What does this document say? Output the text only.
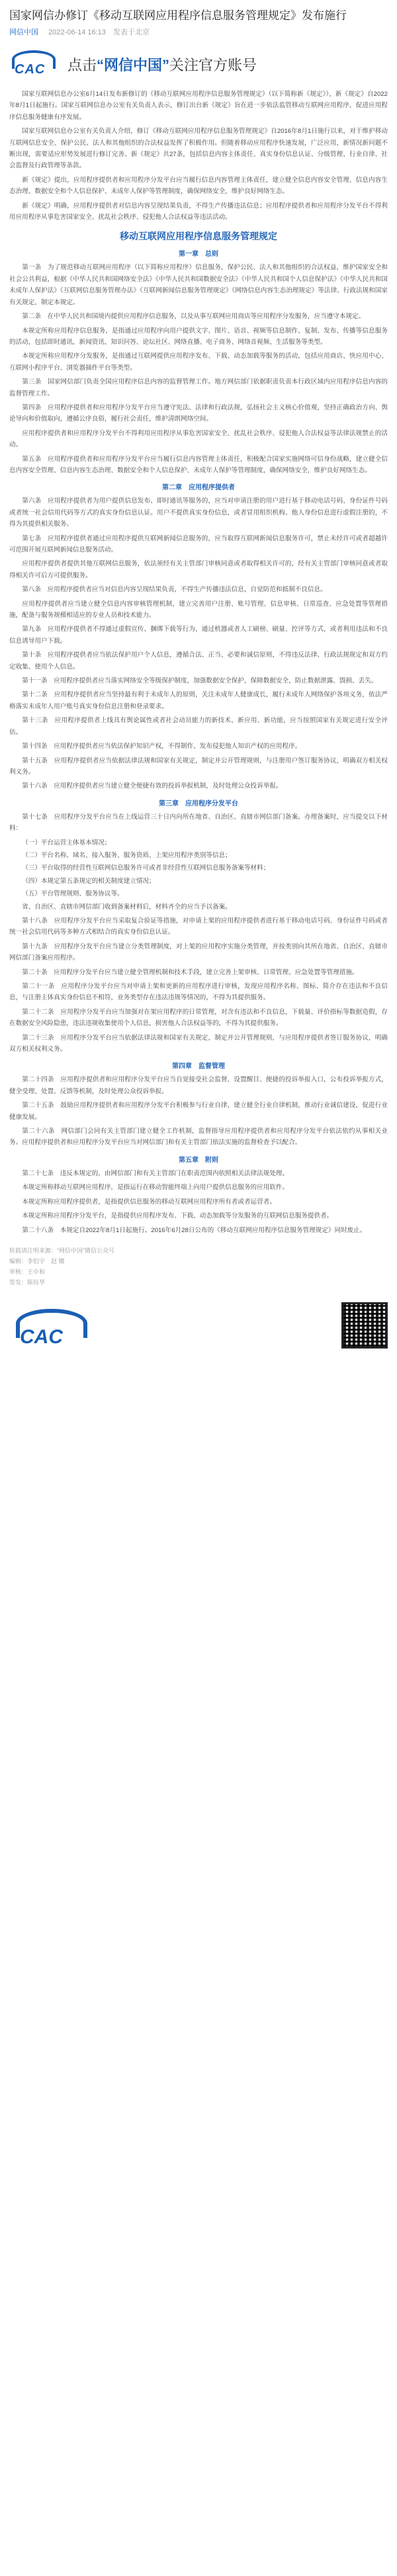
国家网信办修订《移动互联网应用程序信息服务管理规定》发布施行
网信中国 2022-06-14 16:13 发表于北京
CAC 点击“网信中国”关注官方账号

国家互联网信息办公室6月14日发布新修订的《移动互联网应用程序信息服务管理规定》（以下简称新《规定》），新《规定》自2022年8月1日起施行。国家互联网信息办公室有关负责人表示，修订出台新《规定》旨在进一步依法监管移动互联网应用程序，促进应用程序信息服务健康有序发展。

国家互联网信息办公室有关负责人介绍，修订《移动互联网应用程序信息服务管理规定》自2016年8月1日施行以来，对于维护移动互联网信息安全、保护公民、法人和其他组织的合法权益发挥了积极作用。但随着移动应用程序快速发展，广泛应用，新情况新问题不断出现，需要适应形势发展进行修订完善。新《规定》共27条，包括信息内容主体责任、真实身份信息认证、分级管理、行业自律、社会监督及行政管理等条款。

新《规定》提出，应用程序提供者和应用程序分发平台应当履行信息内容管理主体责任，建立健全信息内容安全管理、信息内容生态治理、数据安全和个人信息保护、未成年人保护等管理制度，确保网络安全，维护良好网络生态。

新《规定》明确，应用程序提供者对信息内容呈现结果负责，不得生产传播违法信息；应用程序提供者和应用程序分发平台不得利用应用程序从事危害国家安全、扰乱社会秩序、侵犯他人合法权益等违法活动。

移动互联网应用程序信息服务管理规定
第一章　总则

第一条　为了规范移动互联网应用程序（以下简称应用程序）信息服务，保护公民、法人和其他组织的合法权益，维护国家安全和社会公共利益，根据《中华人民共和国网络安全法》《中华人民共和国数据安全法》《中华人民共和国个人信息保护法》《中华人民共和国未成年人保护法》《互联网信息服务管理办法》《互联网新闻信息服务管理规定》《网络信息内容生态治理规定》等法律、行政法规和国家有关规定，制定本规定。

第二条　在中华人民共和国境内提供应用程序信息服务，以及从事互联网应用商店等应用程序分发服务，应当遵守本规定。

本规定所称应用程序信息服务，是指通过应用程序向用户提供文字、图片、语音、视频等信息制作、复制、发布、传播等信息服务的活动，包括即时通讯、新闻资讯、知识问答、论坛社区、网络直播、电子商务、网络音视频、生活服务等类型。

本规定所称应用程序分发服务，是指通过互联网提供应用程序发布、下载、动态加载等服务的活动，包括应用商店、快应用中心、互联网小程序平台、浏览器插件平台等类型。

第三条　国家网信部门负责全国应用程序信息内容的监督管理工作。地方网信部门依据职责负责本行政区域内应用程序信息内容的监督管理工作。

第四条　应用程序提供者和应用程序分发平台应当遵守宪法、法律和行政法规，弘扬社会主义核心价值观，坚持正确政治方向、舆论导向和价值取向，遵循公序良俗，履行社会责任，维护清朗网络空间。

应用程序提供者和应用程序分发平台不得利用应用程序从事危害国家安全、扰乱社会秩序、侵犯他人合法权益等法律法规禁止的活动。

第五条　应用程序提供者和应用程序分发平台应当履行信息内容管理主体责任，积极配合国家实施网络可信身份战略，建立健全信息内容安全管理、信息内容生态治理、数据安全和个人信息保护、未成年人保护等管理制度，确保网络安全，维护良好网络生态。

第二章　应用程序提供者

第六条　应用程序提供者为用户提供信息发布、即时通讯等服务的，应当对申请注册的用户进行基于移动电话号码、身份证件号码或者统一社会信用代码等方式的真实身份信息认证。用户不提供真实身份信息，或者冒用组织机构、他人身份信息进行虚假注册的，不得为其提供相关服务。

第七条　应用程序提供者通过应用程序提供互联网新闻信息服务的，应当取得互联网新闻信息服务许可，禁止未经许可或者超越许可范围开展互联网新闻信息服务活动。

应用程序提供者提供其他互联网信息服务，依法须经有关主管部门审核同意或者取得相关许可的，经有关主管部门审核同意或者取得相关许可后方可提供服务。

第八条　应用程序提供者应当对信息内容呈现结果负责，不得生产传播违法信息，自觉防范和抵制不良信息。

应用程序提供者应当建立健全信息内容审核管理机制，建立完善用户注册、账号管理、信息审核、日常巡查、应急处置等管理措施，配备与服务规模相适应的专业人员和技术能力。

第九条　应用程序提供者不得通过虚假宣传、捆绑下载等行为，通过机器或者人工刷榜、刷量、控评等方式，或者利用违法和不良信息诱导用户下载。

第十条　应用程序提供者应当依法保护用户个人信息，遵循合法、正当、必要和诚信原则，不得违反法律、行政法规规定和双方约定收集、使用个人信息。

第十一条　应用程序提供者应当落实网络安全等级保护制度，加强数据安全保护，保障数据安全，防止数据泄露、毁损、丢失。

第十二条　应用程序提供者应当坚持最有利于未成年人的原则，关注未成年人健康成长，履行未成年人网络保护各项义务，依法严格落实未成年人用户账号真实身份信息注册和登录要求。

第十三条　应用程序提供者上线具有舆论属性或者社会动员能力的新技术、新应用、新功能，应当按照国家有关规定进行安全评估。

第十四条　应用程序提供者应当依法保护知识产权，不得制作、发布侵犯他人知识产权的应用程序。

第十五条　应用程序提供者应当依据法律法规和国家有关规定，制定并公开管理规则，与注册用户签订服务协议，明确双方相关权利义务。

第十六条　应用程序提供者应当建立健全便捷有效的投诉举报机制，及时处理公众投诉举报。

第三章　应用程序分发平台

第十七条　应用程序分发平台应当在上线运营三十日内向所在地省、自治区、直辖市网信部门备案。办理备案时，应当提交以下材料：

（一）平台运营主体基本情况；
（二）平台名称、域名、接入服务、服务资质、上架应用程序类别等信息；
（三）平台取得的经营性互联网信息服务许可或者非经营性互联网信息服务备案等材料；
（四）本规定第五条规定的相关制度建立情况；
（五）平台管理规则、服务协议等。

省、自治区、直辖市网信部门收到备案材料后，材料齐全的应当予以备案。

第十八条　应用程序分发平台应当采取复合验证等措施，对申请上架的应用程序提供者进行基于移动电话号码、身份证件号码或者统一社会信用代码等多种方式相结合的真实身份信息认证。

第十九条　应用程序分发平台应当建立分类管理制度，对上架的应用程序实施分类管理，并按类别向其所在地省、自治区、直辖市网信部门备案应用程序。

第二十条　应用程序分发平台应当建立健全管理机制和技术手段，建立完善上架审核、日常管理、应急处置等管理措施。

第二十一条　应用程序分发平台应当对申请上架和更新的应用程序进行审核，发现应用程序名称、图标、简介存在违法和不良信息，与注册主体真实身份信息不相符，业务类型存在违法违规等情况的，不得为其提供服务。

第二十二条　应用程序分发平台应当加强对在架应用程序的日常管理，对含有违法和不良信息，下载量、评价指标等数据造假，存在数据安全风险隐患，违法违规收集使用个人信息，损害他人合法权益等的，不得为其提供服务。

第二十三条　应用程序分发平台应当依据法律法规和国家有关规定，制定并公开管理规则，与应用程序提供者签订服务协议，明确双方相关权利义务。

第四章　监督管理

第二十四条　应用程序提供者和应用程序分发平台应当自觉接受社会监督，设置醒目、便捷的投诉举报入口，公布投诉举报方式，健全受理、处置、反馈等机制，及时处理公众投诉举报。

第二十五条　鼓励应用程序提供者和应用程序分发平台积极参与行业自律，建立健全行业自律机制，推动行业诚信建设，促进行业健康发展。

第二十六条　网信部门会同有关主管部门建立健全工作机制，监督指导应用程序提供者和应用程序分发平台依法依约从事相关业务。应用程序提供者和应用程序分发平台应当对网信部门和有关主管部门依法实施的监督检查予以配合。

第五章　附则

第二十七条　违反本规定的，由网信部门和有关主管部门在职责范围内依照相关法律法规处理。

本规定所称移动互联网应用程序，是指运行在移动智能终端上向用户提供信息服务的应用软件。

本规定所称应用程序提供者，是指提供信息服务的移动互联网应用程序所有者或者运营者。

本规定所称应用程序分发平台，是指提供应用程序发布、下载、动态加载等分发服务的互联网信息服务提供者。

第二十八条　本规定自2022年8月1日起施行。2016年6月28日公布的《移动互联网应用程序信息服务管理规定》同时废止。

转载请注明来源：“网信中国”微信公众号
编辑：李伯宇　赵 娜
审核：王中和
签发：陈钰华
CAC
